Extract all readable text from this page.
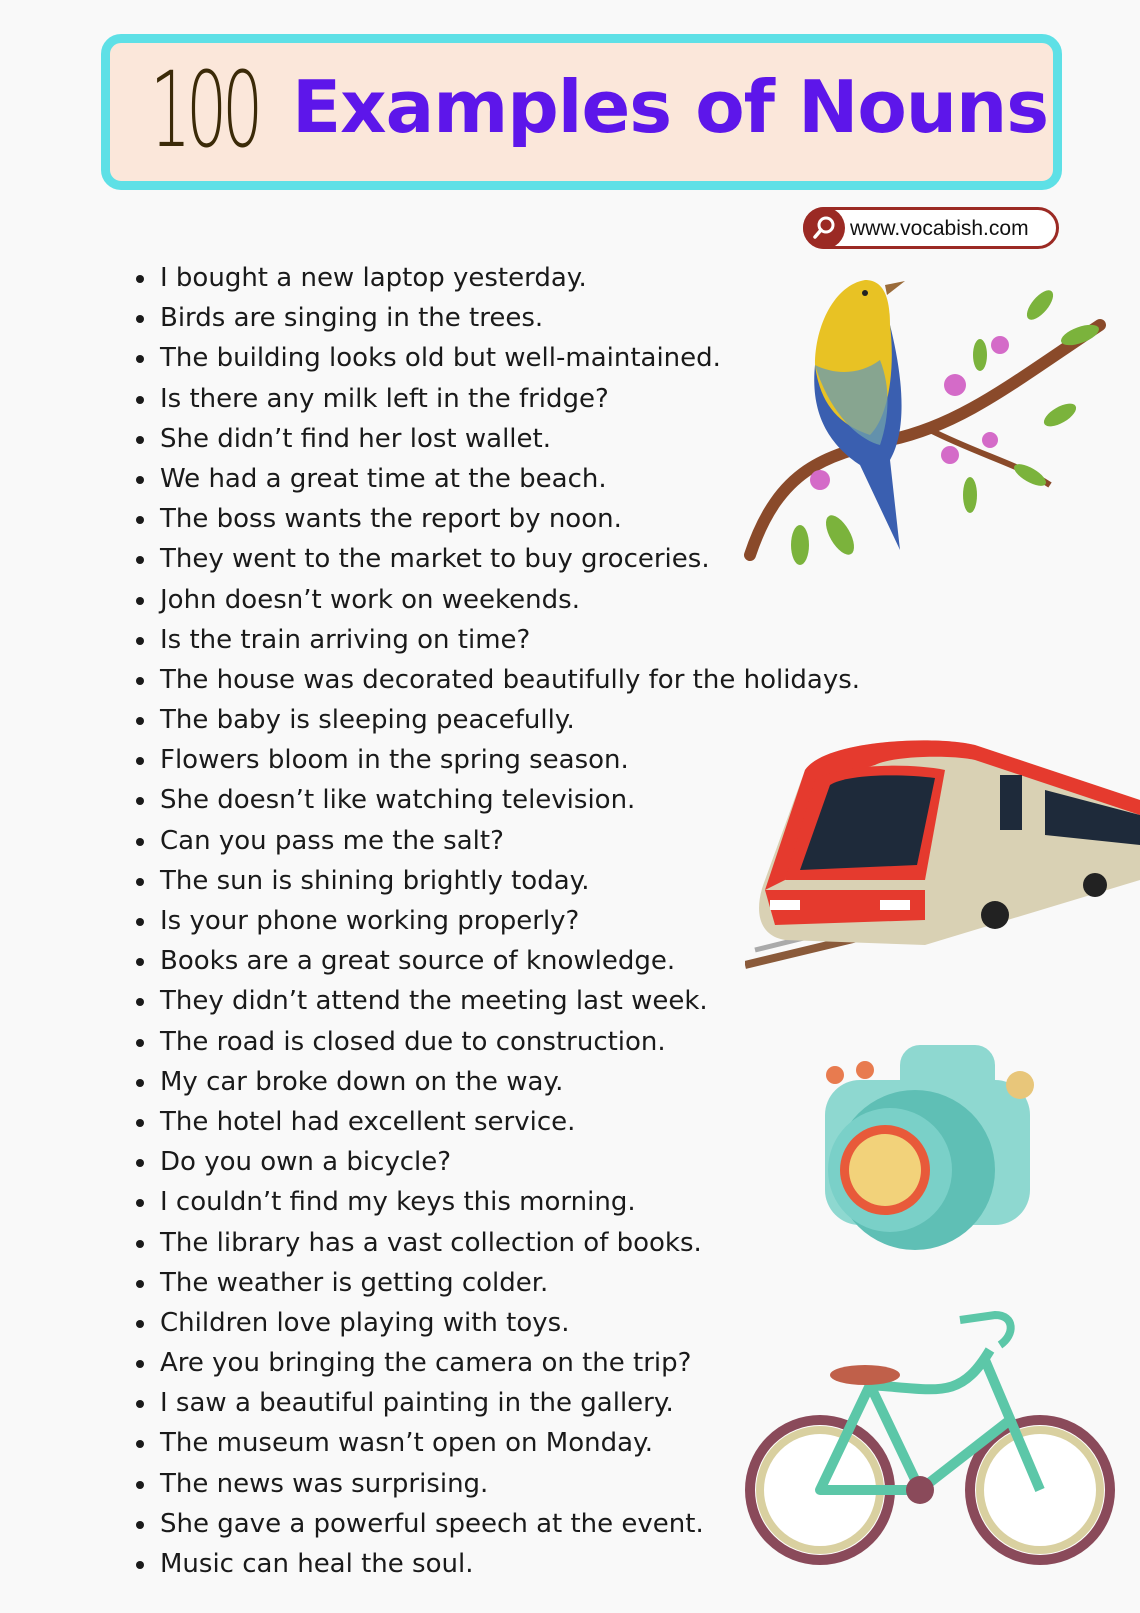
100 Examples of Nouns
www.vocabish.com
I bought a new laptop yesterday.
Birds are singing in the trees.
The building looks old but well-maintained.
Is there any milk left in the fridge?
She didn’t find her lost wallet.
We had a great time at the beach.
The boss wants the report by noon.
They went to the market to buy groceries.
John doesn’t work on weekends.
Is the train arriving on time?
The house was decorated beautifully for the holidays.
The baby is sleeping peacefully.
Flowers bloom in the spring season.
She doesn’t like watching television.
Can you pass me the salt?
The sun is shining brightly today.
Is your phone working properly?
Books are a great source of knowledge.
They didn’t attend the meeting last week.
The road is closed due to construction.
My car broke down on the way.
The hotel had excellent service.
Do you own a bicycle?
I couldn’t find my keys this morning.
The library has a vast collection of books.
The weather is getting colder.
Children love playing with toys.
Are you bringing the camera on the trip?
I saw a beautiful painting in the gallery.
The museum wasn’t open on Monday.
The news was surprising.
She gave a powerful speech at the event.
Music can heal the soul.
